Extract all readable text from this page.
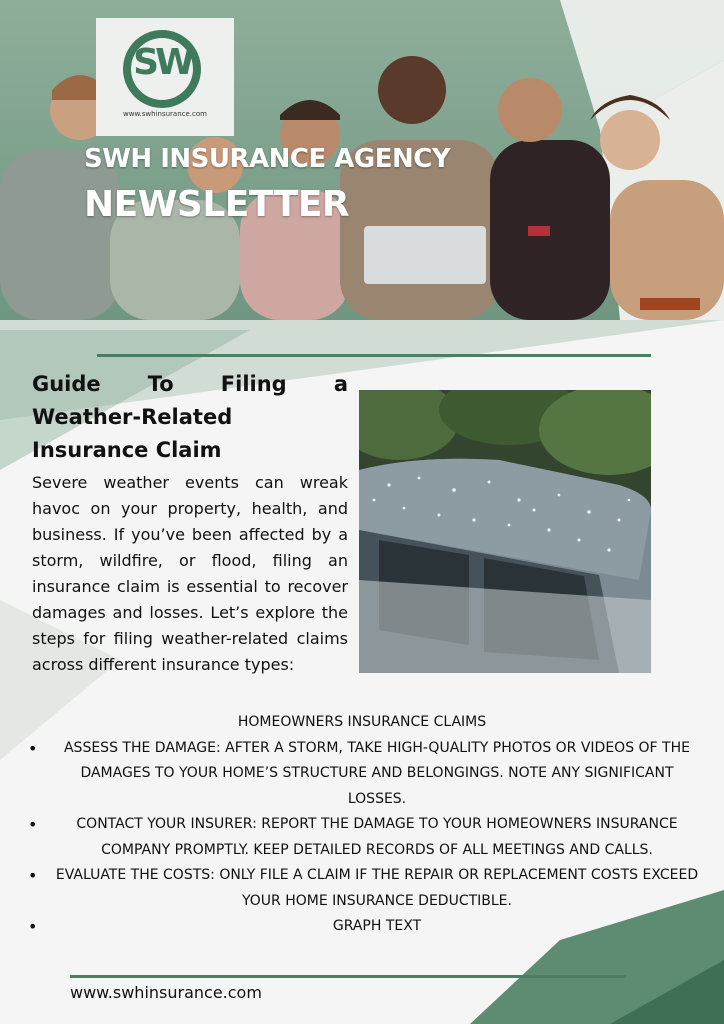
SW
www.swhinsurance.com
SWH INSURANCE AGENCY
NEWSLETTER
Guide To Filing a
Weather-Related
Insurance Claim
Severe weather events can wreak havoc on your property, health, and business. If you’ve been affected by a storm, wildfire, or flood, filing an insurance claim is essential to recover damages and losses. Let’s explore the steps for filing weather-related claims across different insurance types:
HOMEOWNERS INSURANCE CLAIMS
• ASSESS THE DAMAGE: AFTER A STORM, TAKE HIGH-QUALITY PHOTOS OR VIDEOS OF THE DAMAGES TO YOUR HOME’S STRUCTURE AND BELONGINGS. NOTE ANY SIGNIFICANT LOSSES.
• CONTACT YOUR INSURER: REPORT THE DAMAGE TO YOUR HOMEOWNERS INSURANCE COMPANY PROMPTLY. KEEP DETAILED RECORDS OF ALL MEETINGS AND CALLS.
• EVALUATE THE COSTS: ONLY FILE A CLAIM IF THE REPAIR OR REPLACEMENT COSTS EXCEED YOUR HOME INSURANCE DEDUCTIBLE.
• GRAPH TEXT
www.swhinsurance.com
